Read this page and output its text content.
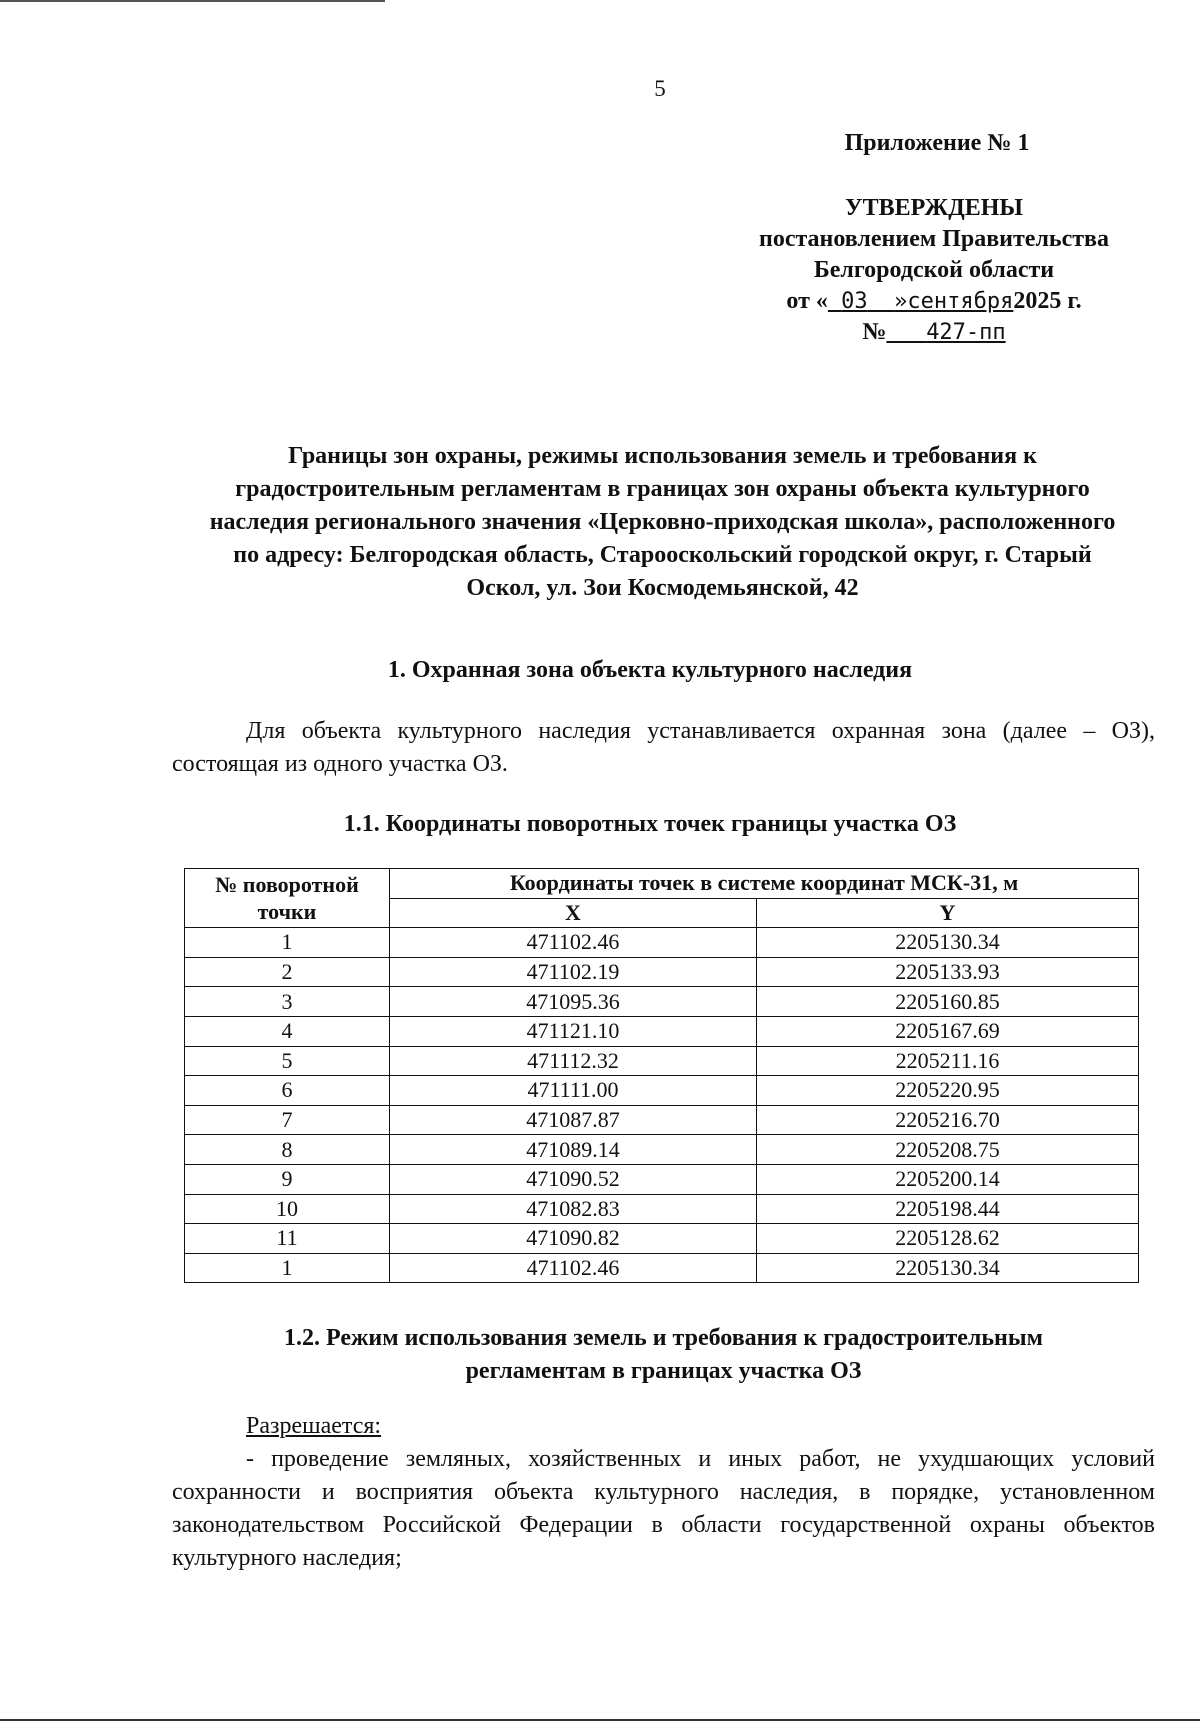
5
Приложение № 1
УТВЕРЖДЕНЫ
постановлением Правительства
Белгородской области
от « 03 »сентября2025 г.
№ 427-пп
Границы зон охраны, режимы использования земель и требования к градостроительным регламентам в границах зон охраны объекта культурного наследия регионального значения «Церковно-приходская школа», расположенного по адресу: Белгородская область, Старооскольский городской округ, г. Старый Оскол, ул. Зои Космодемьянской, 42
1. Охранная зона объекта культурного наследия
Для объекта культурного наследия устанавливается охранная зона (далее – ОЗ), состоящая из одного участка ОЗ.
1.1. Координаты поворотных точек границы участка ОЗ
№ поворотной точки	Координаты точек в системе координат МСК-31, м	
	X	Y
1	471102.46	2205130.34
2	471102.19	2205133.93
3	471095.36	2205160.85
4	471121.10	2205167.69
5	471112.32	2205211.16
6	471111.00	2205220.95
7	471087.87	2205216.70
8	471089.14	2205208.75
9	471090.52	2205200.14
10	471082.83	2205198.44
11	471090.82	2205128.62
1	471102.46	2205130.34
1.2. Режим использования земель и требования к градостроительным
регламентам в границах участка ОЗ
Разрешается:
- проведение земляных, хозяйственных и иных работ, не ухудшающих условий сохранности и восприятия объекта культурного наследия, в порядке, установленном законодательством Российской Федерации в области государственной охраны объектов культурного наследия;
